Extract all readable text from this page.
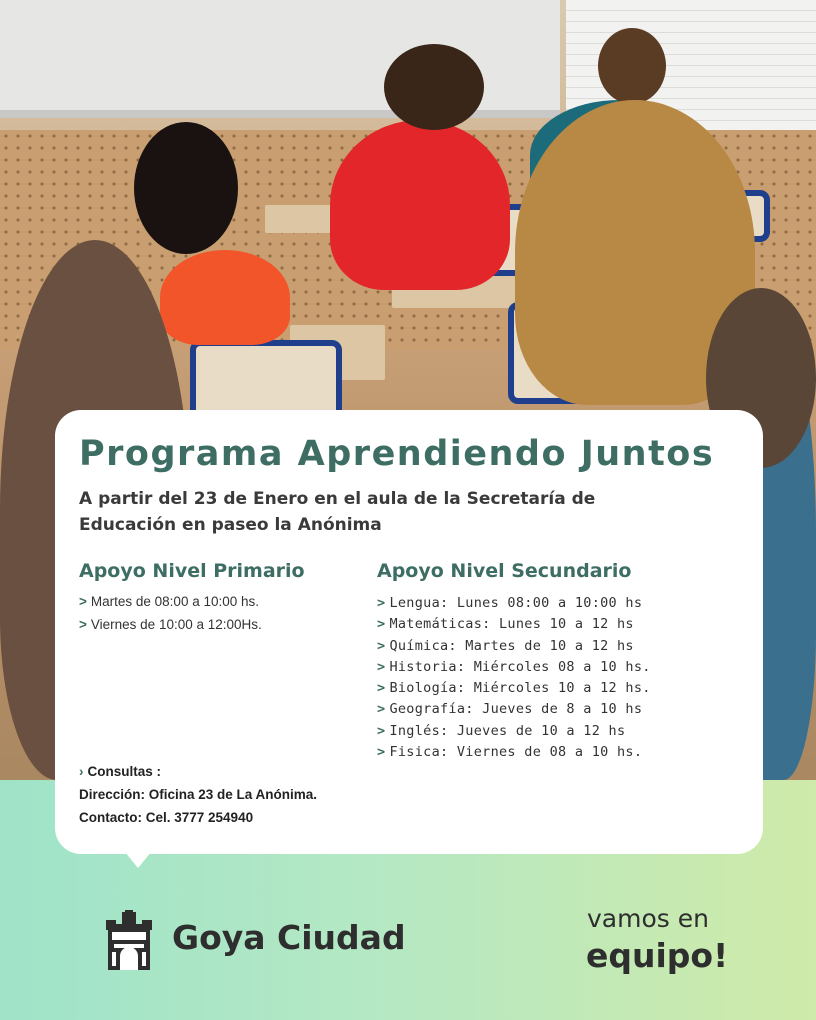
Programa Aprendiendo Juntos
A partir del 23 de Enero en el aula de la Secretaría de
Educación en paseo la Anónima
Apoyo Nivel Primario
> Martes de 08:00 a 10:00 hs.
> Viernes de 10:00 a 12:00Hs.
Apoyo Nivel Secundario
> Lengua: Lunes 08:00 a 10:00 hs
> Matemáticas: Lunes 10 a 12 hs
> Química: Martes de 10 a 12 hs
> Historia: Miércoles 08 a 10 hs.
> Biología: Miércoles 10 a 12 hs.
> Geografía: Jueves de 8 a 10 hs
> Inglés: Jueves de 10 a 12 hs
> Fisica: Viernes de 08 a 10 hs.
› Consultas :
Dirección: Oficina 23 de La Anónima.
Contacto: Cel. 3777 254940
Goya Ciudad	vamos en
equipo!
